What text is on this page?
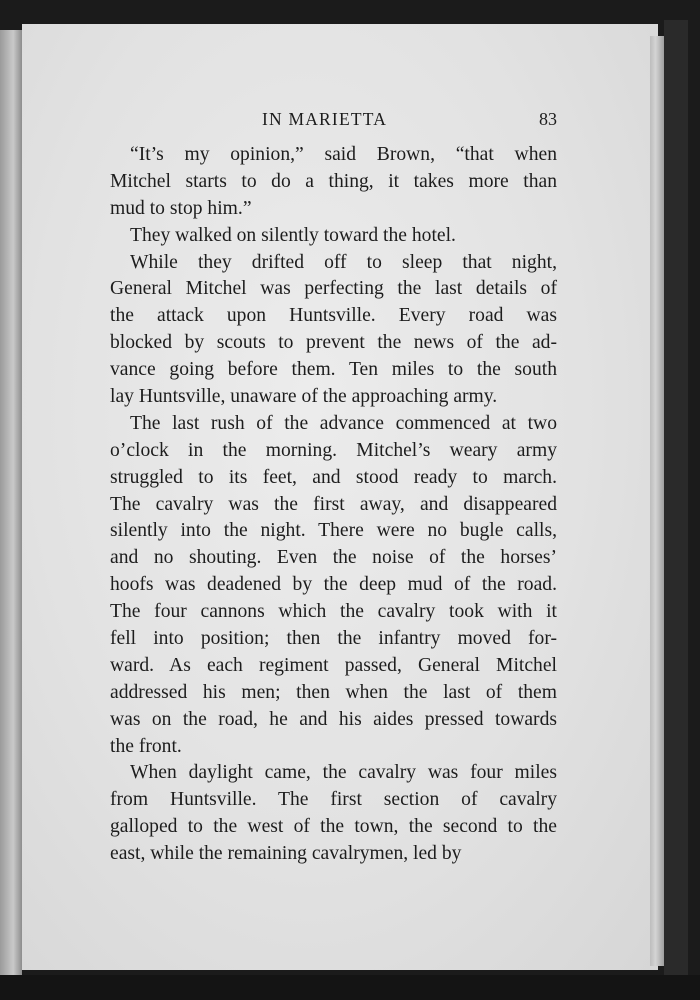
IN MARIETTA	83
“It’s my opinion,” said Brown, “that when
Mitchel starts to do a thing, it takes more than
mud to stop him.”
They walked on silently toward the hotel.
While they drifted off to sleep that night,
General Mitchel was perfecting the last details of
the attack upon Huntsville. Every road was
blocked by scouts to prevent the news of the ad-
vance going before them. Ten miles to the south
lay Huntsville, unaware of the approaching army.
The last rush of the advance commenced at two
o’clock in the morning. Mitchel’s weary army
struggled to its feet, and stood ready to march.
The cavalry was the first away, and disappeared
silently into the night. There were no bugle calls,
and no shouting. Even the noise of the horses’
hoofs was deadened by the deep mud of the road.
The four cannons which the cavalry took with it
fell into position; then the infantry moved for-
ward. As each regiment passed, General Mitchel
addressed his men; then when the last of them
was on the road, he and his aides pressed towards
the front.
When daylight came, the cavalry was four miles
from Huntsville. The first section of cavalry
galloped to the west of the town, the second to the
east, while the remaining cavalrymen, led by
